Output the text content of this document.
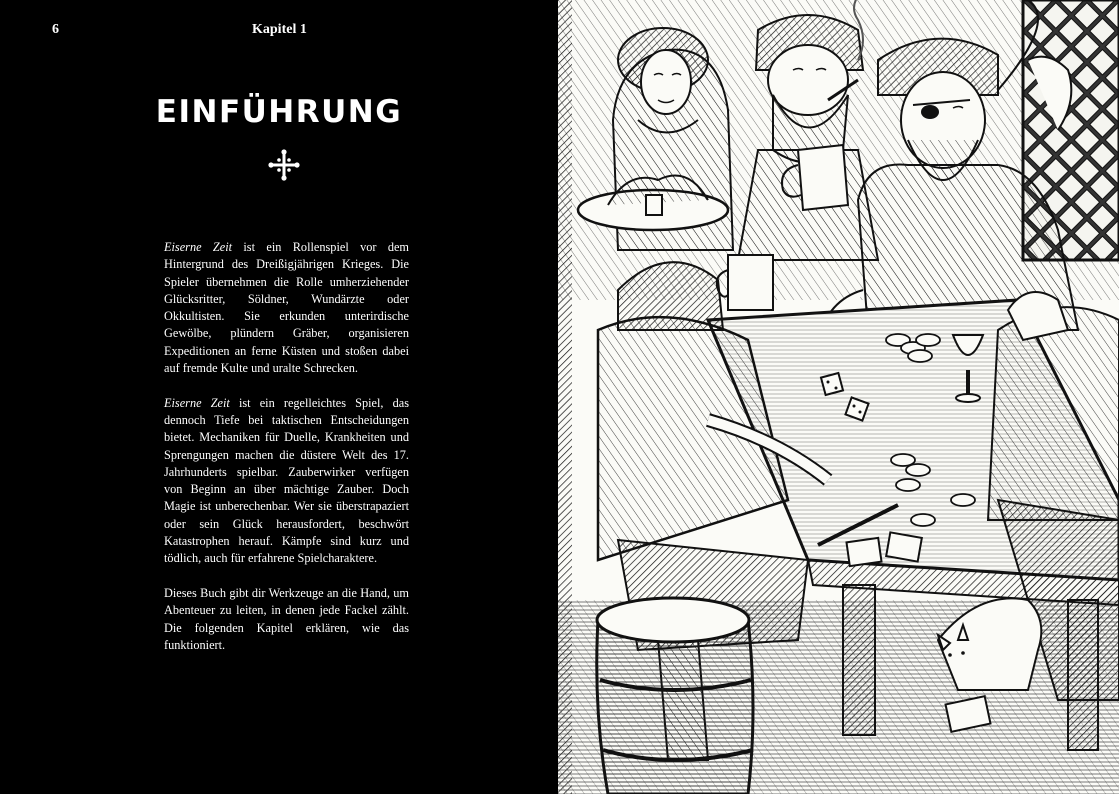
6	Kapitel 1
EINFÜHRUNG

Eiserne Zeit ist ein Rollenspiel vor dem Hintergrund des Dreißigjährigen Krieges. Die Spieler übernehmen die Rolle umherziehender Glücksritter, Söldner, Wundärzte oder Okkultisten. Sie erkunden unterirdische Gewölbe, plündern Gräber, organisieren Expeditionen an ferne Küsten und stoßen dabei auf fremde Kulte und uralte Schrecken.

Eiserne Zeit ist ein regelleichtes Spiel, das dennoch Tiefe bei taktischen Entscheidungen bietet. Mechaniken für Duelle, Krankheiten und Sprengungen machen die düstere Welt des 17. Jahrhunderts spielbar. Zauberwirker verfügen von Beginn an über mächtige Zauber. Doch Magie ist unberechenbar. Wer sie überstrapaziert oder sein Glück herausfordert, beschwört Katastrophen herauf. Kämpfe sind kurz und tödlich, auch für erfahrene Spielcharaktere.

Dieses Buch gibt dir Werkzeuge an die Hand, um Abenteuer zu leiten, in denen jede Fackel zählt. Die folgenden Kapitel erklären, wie das funktioniert.
